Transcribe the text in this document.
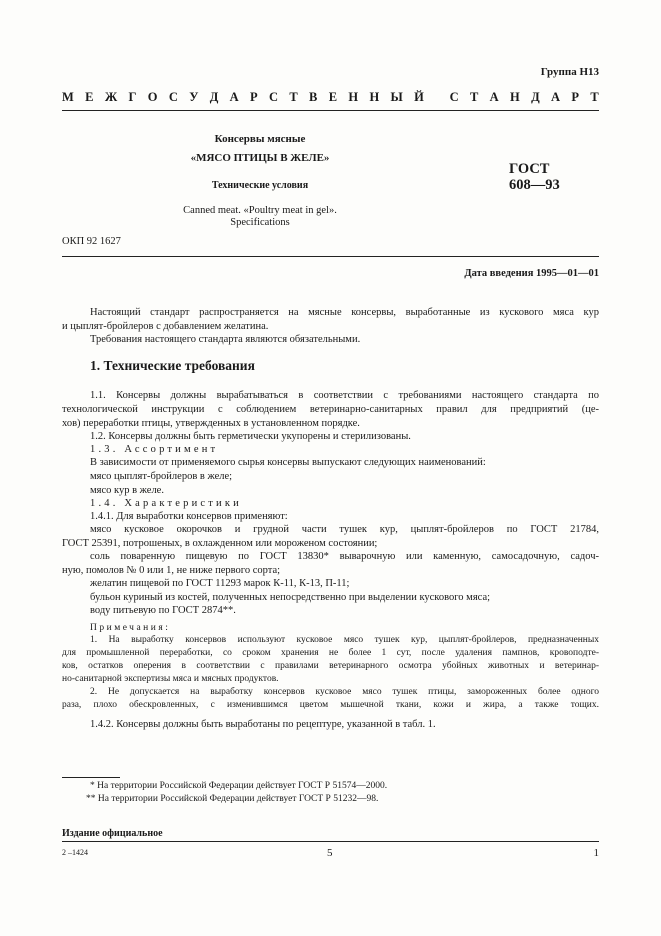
Группа Н13
М Е Ж Г О С У Д А Р С Т В Е Н Н Ы Й
С Т А Н Д А Р Т
Консервы мясные
«МЯСО ПТИЦЫ В ЖЕЛЕ»
Технические условия
Canned meat. «Poultry meat in gel».
Specifications
ГОСТ
608—93
ОКП 92 1627
Дата введения 1995—01—01
Настоящий стандарт распространяется на мясные консервы, выработанные из кускового мяса кур
и цыплят-бройлеров с добавлением желатина.
Требования настоящего стандарта являются обязательными.
1. Технические требования
1.1. Консервы должны вырабатываться в соответствии с требованиями настоящего стандарта по
технологической инструкции с соблюдением ветеринарно-санитарных правил для предприятий (це-
хов) переработки птицы, утвержденных в установленном порядке.
1.2. Консервы должны быть герметически укупорены и стерилизованы.
1.3. Ассортимент
В зависимости от применяемого сырья консервы выпускают следующих наименований:
мясо цыплят-бройлеров в желе;
мясо кур в желе.
1.4. Характеристики
1.4.1. Для выработки консервов применяют:
мясо кусковое окорочков и грудной части тушек кур, цыплят-бройлеров по ГОСТ 21784,
ГОСТ 25391, потрошеных, в охлажденном или мороженом состоянии;
соль поваренную пищевую по ГОСТ 13830* выварочную или каменную, самосадочную, садоч-
ную, помолов № 0 или 1, не ниже первого сорта;
желатин пищевой по ГОСТ 11293 марок К-11, К-13, П-11;
бульон куриный из костей, полученных непосредственно при выделении кускового мяса;
воду питьевую по ГОСТ 2874**.
Примечания:
1. На выработку консервов используют кусковое мясо тушек кур, цыплят-бройлеров, предназначенных
для промышленной переработки, со сроком хранения не более 1 сут, после удаления пампнов, кровоподте-
ков, остатков оперения в соответствии с правилами ветеринарного осмотра убойных животных и ветеринар-
но-санитарной экспертизы мяса и мясных продуктов.
2. Не допускается на выработку консервов кусковое мясо тушек птицы, замороженных более одного
раза, плохо обескровленных, с изменившимся цветом мышечной ткани, кожи и жира, а также тощих.
1.4.2. Консервы должны быть выработаны по рецептуре, указанной в табл. 1.
* На территории Российской Федерации действует ГОСТ Р 51574—2000.
** На территории Российской Федерации действует ГОСТ Р 51232—98.
Издание официальное
2 –1424	5	1
